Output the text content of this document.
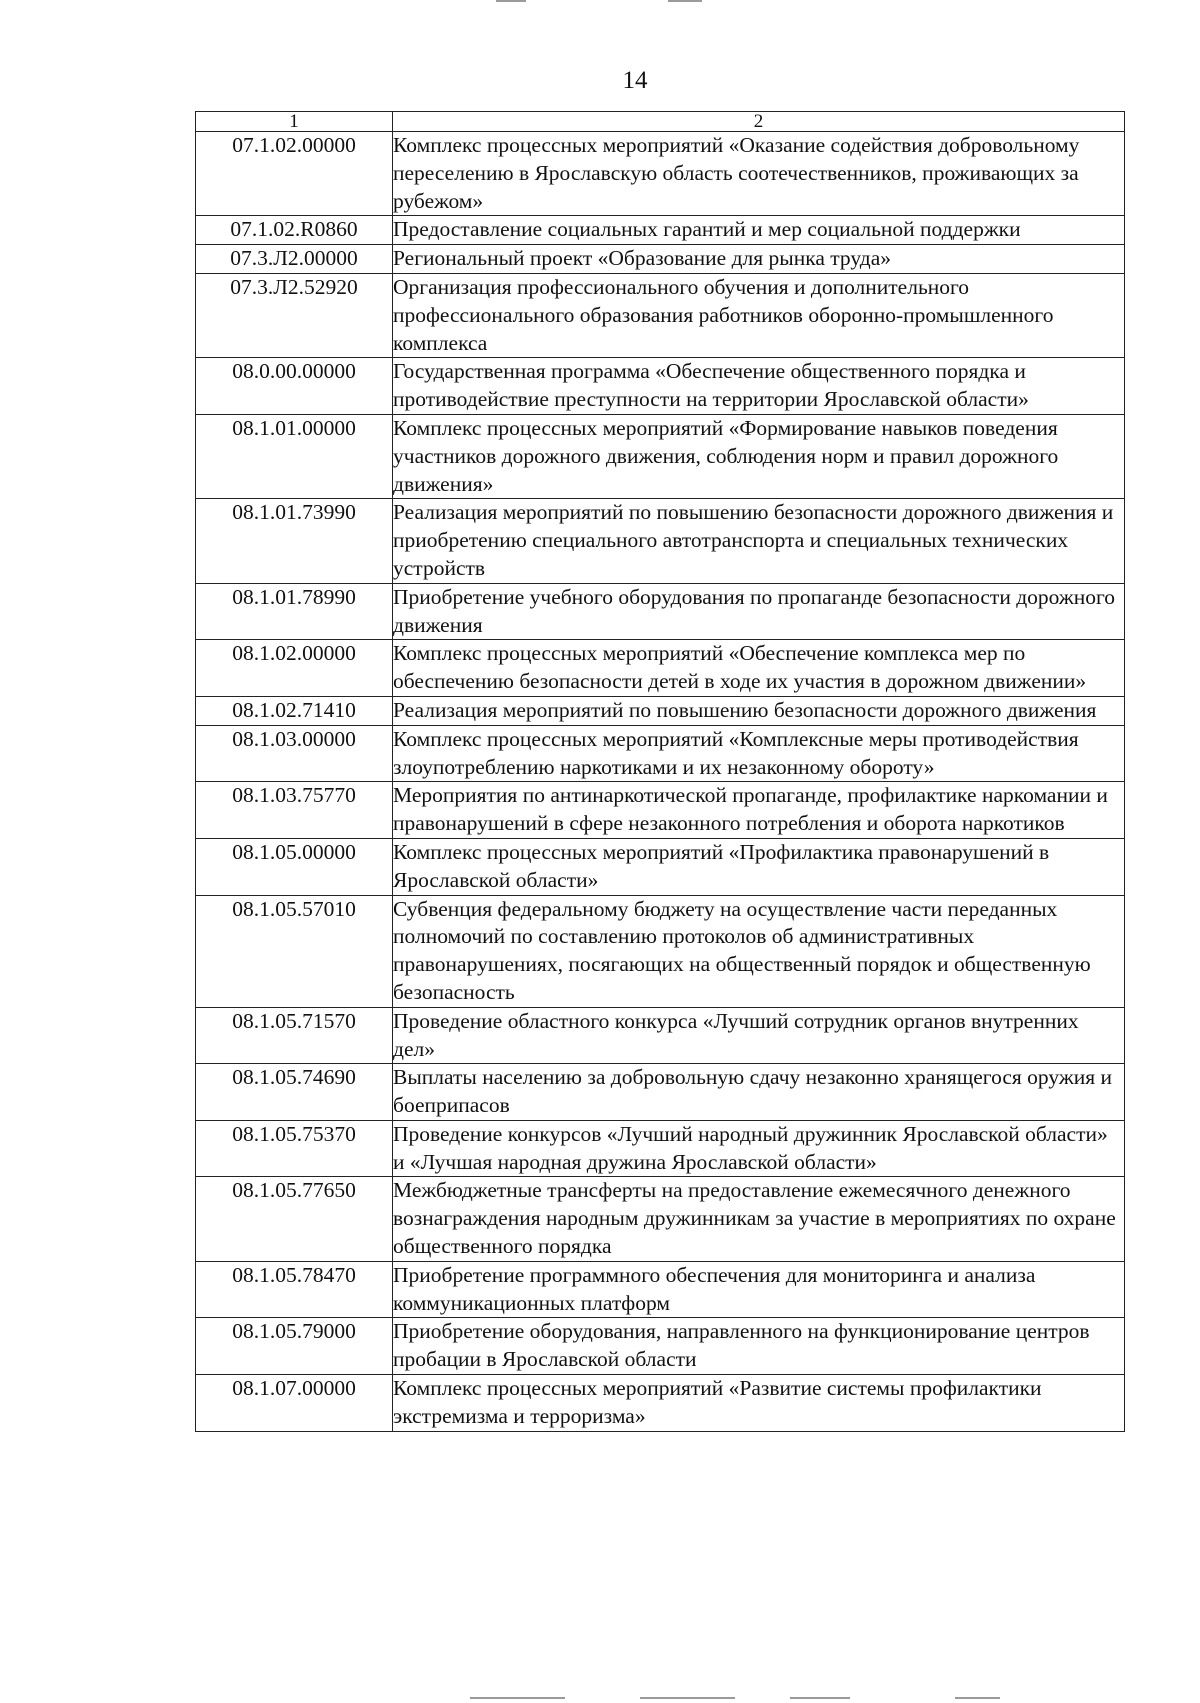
14
1	2
07.1.02.00000	Комплекс процессных мероприятий «Оказание содействия добровольному переселению в Ярославскую область соотечественников, проживающих за рубежом»
07.1.02.R0860	Предоставление социальных гарантий и мер социальной поддержки
07.3.Л2.00000	Региональный проект «Образование для рынка труда»
07.3.Л2.52920	Организация профессионального обучения и дополнительного профессионального образования работников оборонно-промышленного комплекса
08.0.00.00000	Государственная программа «Обеспечение общественного порядка и противодействие преступности на территории Ярославской области»
08.1.01.00000	Комплекс процессных мероприятий «Формирование навыков поведения участников дорожного движения, соблюдения норм и правил дорожного движения»
08.1.01.73990	Реализация мероприятий по повышению безопасности дорожного движения и приобретению специального автотранспорта и специальных технических устройств
08.1.01.78990	Приобретение учебного оборудования по пропаганде безопасности дорожного движения
08.1.02.00000	Комплекс процессных мероприятий «Обеспечение комплекса мер по обеспечению безопасности детей в ходе их участия в дорожном движении»
08.1.02.71410	Реализация мероприятий по повышению безопасности дорожного движения
08.1.03.00000	Комплекс процессных мероприятий «Комплексные меры противодействия злоупотреблению наркотиками и их незаконному обороту»
08.1.03.75770	Мероприятия по антинаркотической пропаганде, профилактике наркомании и правонарушений в сфере незаконного потребления и оборота наркотиков
08.1.05.00000	Комплекс процессных мероприятий «Профилактика правонарушений в Ярославской области»
08.1.05.57010	Субвенция федеральному бюджету на осуществление части переданных полномочий по составлению протоколов об административных правонарушениях, посягающих на общественный порядок и общественную безопасность
08.1.05.71570	Проведение областного конкурса «Лучший сотрудник органов внутренних дел»
08.1.05.74690	Выплаты населению за добровольную сдачу незаконно хранящегося оружия и боеприпасов
08.1.05.75370	Проведение конкурсов «Лучший народный дружинник Ярославской области» и «Лучшая народная дружина Ярославской области»
08.1.05.77650	Межбюджетные трансферты на предоставление ежемесячного денежного вознаграждения народным дружинникам за участие в мероприятиях по охране общественного порядка
08.1.05.78470	Приобретение программного обеспечения для мониторинга и анализа коммуникационных платформ
08.1.05.79000	Приобретение оборудования, направленного на функционирование центров пробации в Ярославской области
08.1.07.00000	Комплекс процессных мероприятий «Развитие системы профилактики экстремизма и терроризма»
